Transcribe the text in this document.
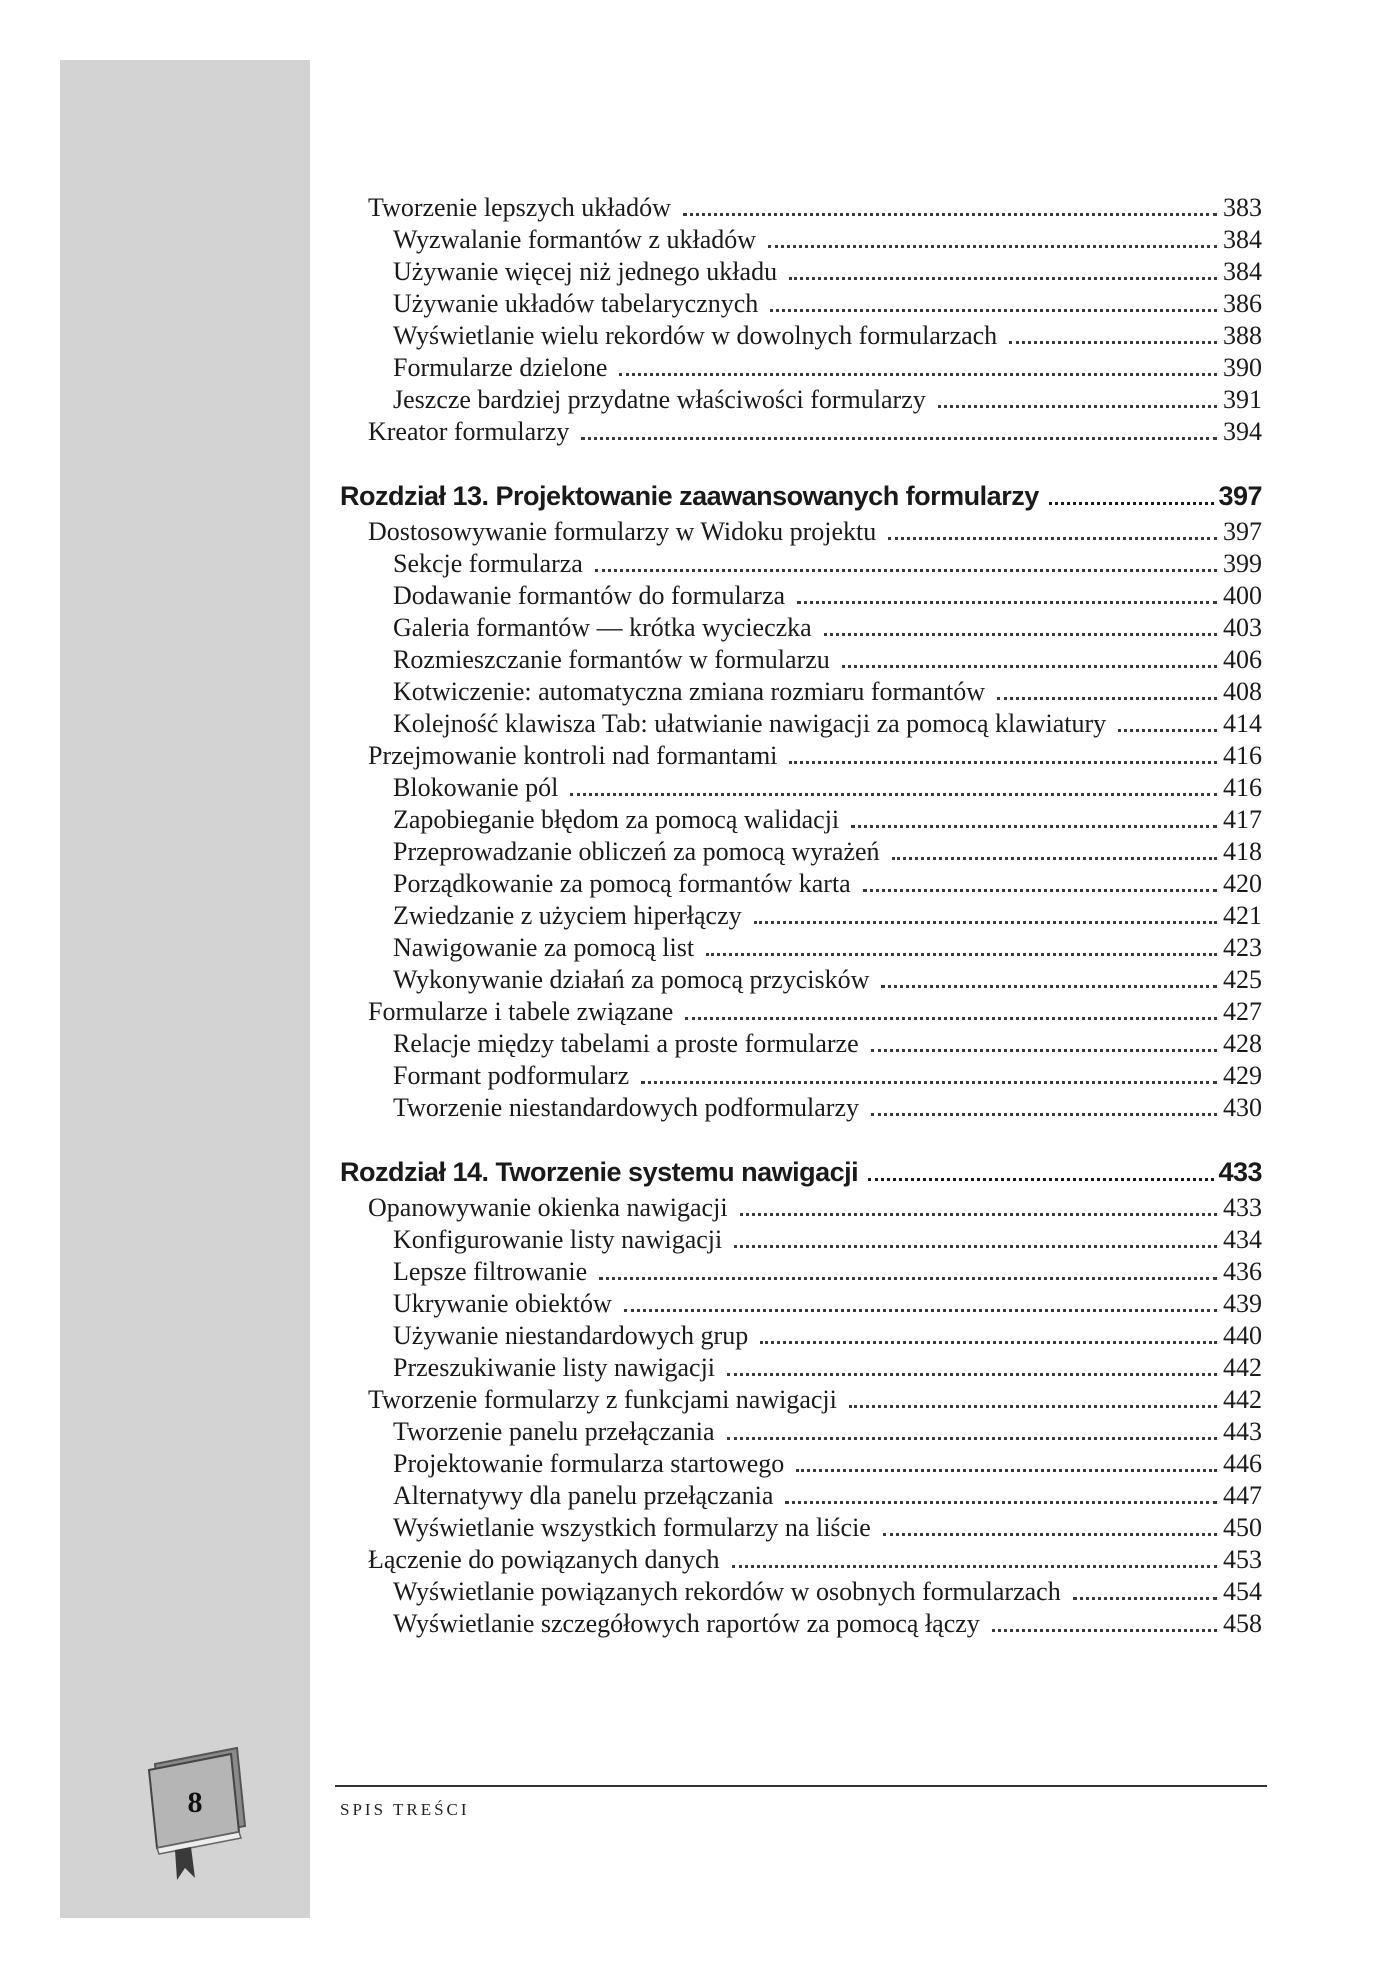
Tworzenie lepszych układów	383
Wyzwalanie formantów z układów	384
Używanie więcej niż jednego układu	384
Używanie układów tabelarycznych	386
Wyświetlanie wielu rekordów w dowolnych formularzach	388
Formularze dzielone	390
Jeszcze bardziej przydatne właściwości formularzy	391
Kreator formularzy	394
Rozdział 13. Projektowanie zaawansowanych formularzy	397
Dostosowywanie formularzy w Widoku projektu	397
Sekcje formularza	399
Dodawanie formantów do formularza	400
Galeria formantów — krótka wycieczka	403
Rozmieszczanie formantów w formularzu	406
Kotwiczenie: automatyczna zmiana rozmiaru formantów	408
Kolejność klawisza Tab: ułatwianie nawigacji za pomocą klawiatury	414
Przejmowanie kontroli nad formantami	416
Blokowanie pól	416
Zapobieganie błędom za pomocą walidacji	417
Przeprowadzanie obliczeń za pomocą wyrażeń	418
Porządkowanie za pomocą formantów karta	420
Zwiedzanie z użyciem hiperłączy	421
Nawigowanie za pomocą list	423
Wykonywanie działań za pomocą przycisków	425
Formularze i tabele związane	427
Relacje między tabelami a proste formularze	428
Formant podformularz	429
Tworzenie niestandardowych podformularzy	430
Rozdział 14. Tworzenie systemu nawigacji	433
Opanowywanie okienka nawigacji	433
Konfigurowanie listy nawigacji	434
Lepsze filtrowanie	436
Ukrywanie obiektów	439
Używanie niestandardowych grup	440
Przeszukiwanie listy nawigacji	442
Tworzenie formularzy z funkcjami nawigacji	442
Tworzenie panelu przełączania	443
Projektowanie formularza startowego	446
Alternatywy dla panelu przełączania	447
Wyświetlanie wszystkich formularzy na liście	450
Łączenie do powiązanych danych	453
Wyświetlanie powiązanych rekordów w osobnych formularzach	454
Wyświetlanie szczegółowych raportów za pomocą łączy	458
8	SPIS TREŚCI
